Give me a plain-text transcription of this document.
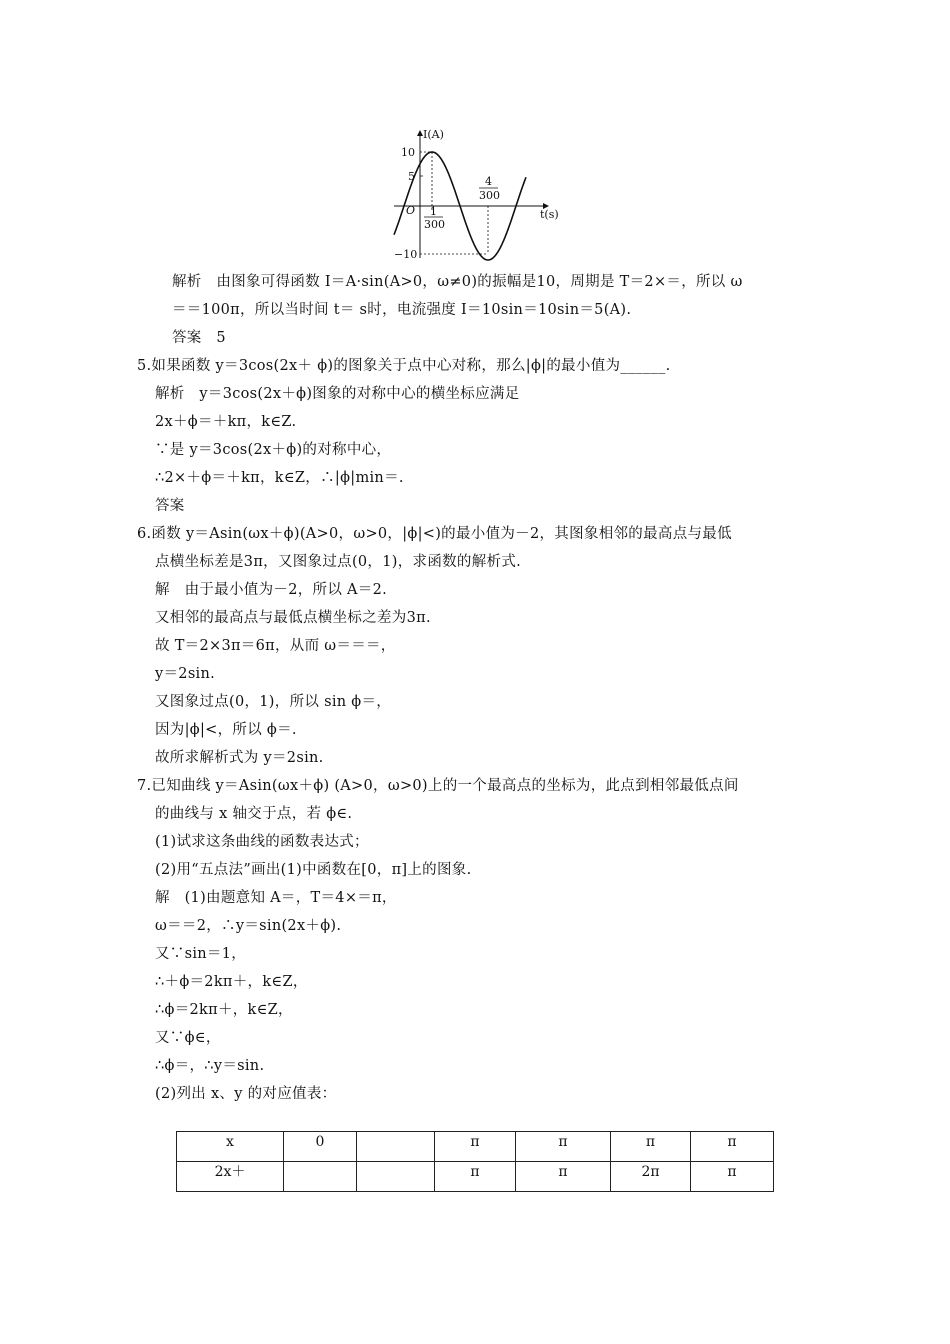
I(A)
t(s)
O
10
5
−10
1
300
4
300
解析　由图象可得函数 I＝A·sin(A>0，ω≠0)的振幅是10，周期是 T＝2×＝，所以 ω
＝＝100π，所以当时间 t＝ s时，电流强度 I＝10sin＝10sin＝5(A).
答案　5
5.如果函数 y＝3cos(2x＋ ϕ)的图象关于点中心对称，那么|ϕ|的最小值为______.
解析　y＝3cos(2x＋ϕ)图象的对称中心的横坐标应满足
2x＋ϕ＝＋kπ，k∈Z.
∵是 y＝3cos(2x＋ϕ)的对称中心，
∴2×＋ϕ＝＋kπ，k∈Z，∴|ϕ|min＝.
答案
6.函数 y＝Asin(ωx＋ϕ)(A>0，ω>0，|ϕ|<)的最小值为－2，其图象相邻的最高点与最低
点横坐标差是3π，又图象过点(0，1)，求函数的解析式.
解　由于最小值为－2，所以 A＝2.
又相邻的最高点与最低点横坐标之差为3π.
故 T＝2×3π＝6π，从而 ω＝＝＝，
y＝2sin.
又图象过点(0，1)，所以 sin ϕ＝，
因为|ϕ|<，所以 ϕ＝.
故所求解析式为 y＝2sin.
7.已知曲线 y＝Asin(ωx＋ϕ) (A>0，ω>0)上的一个最高点的坐标为，此点到相邻最低点间
的曲线与 x 轴交于点，若 ϕ∈.
(1)试求这条曲线的函数表达式；
(2)用“五点法”画出(1)中函数在[0，π]上的图象.
解　(1)由题意知 A＝，T＝4×＝π，
ω＝＝2，∴y＝sin(2x＋ϕ).
又∵sin＝1，
∴＋ϕ＝2kπ＋，k∈Z，
∴ϕ＝2kπ＋，k∈Z，
又∵ϕ∈，
∴ϕ＝，∴y＝sin.
(2)列出 x、y 的对应值表：
x	0		π	π	π	π
2x＋			π	π	2π	π
